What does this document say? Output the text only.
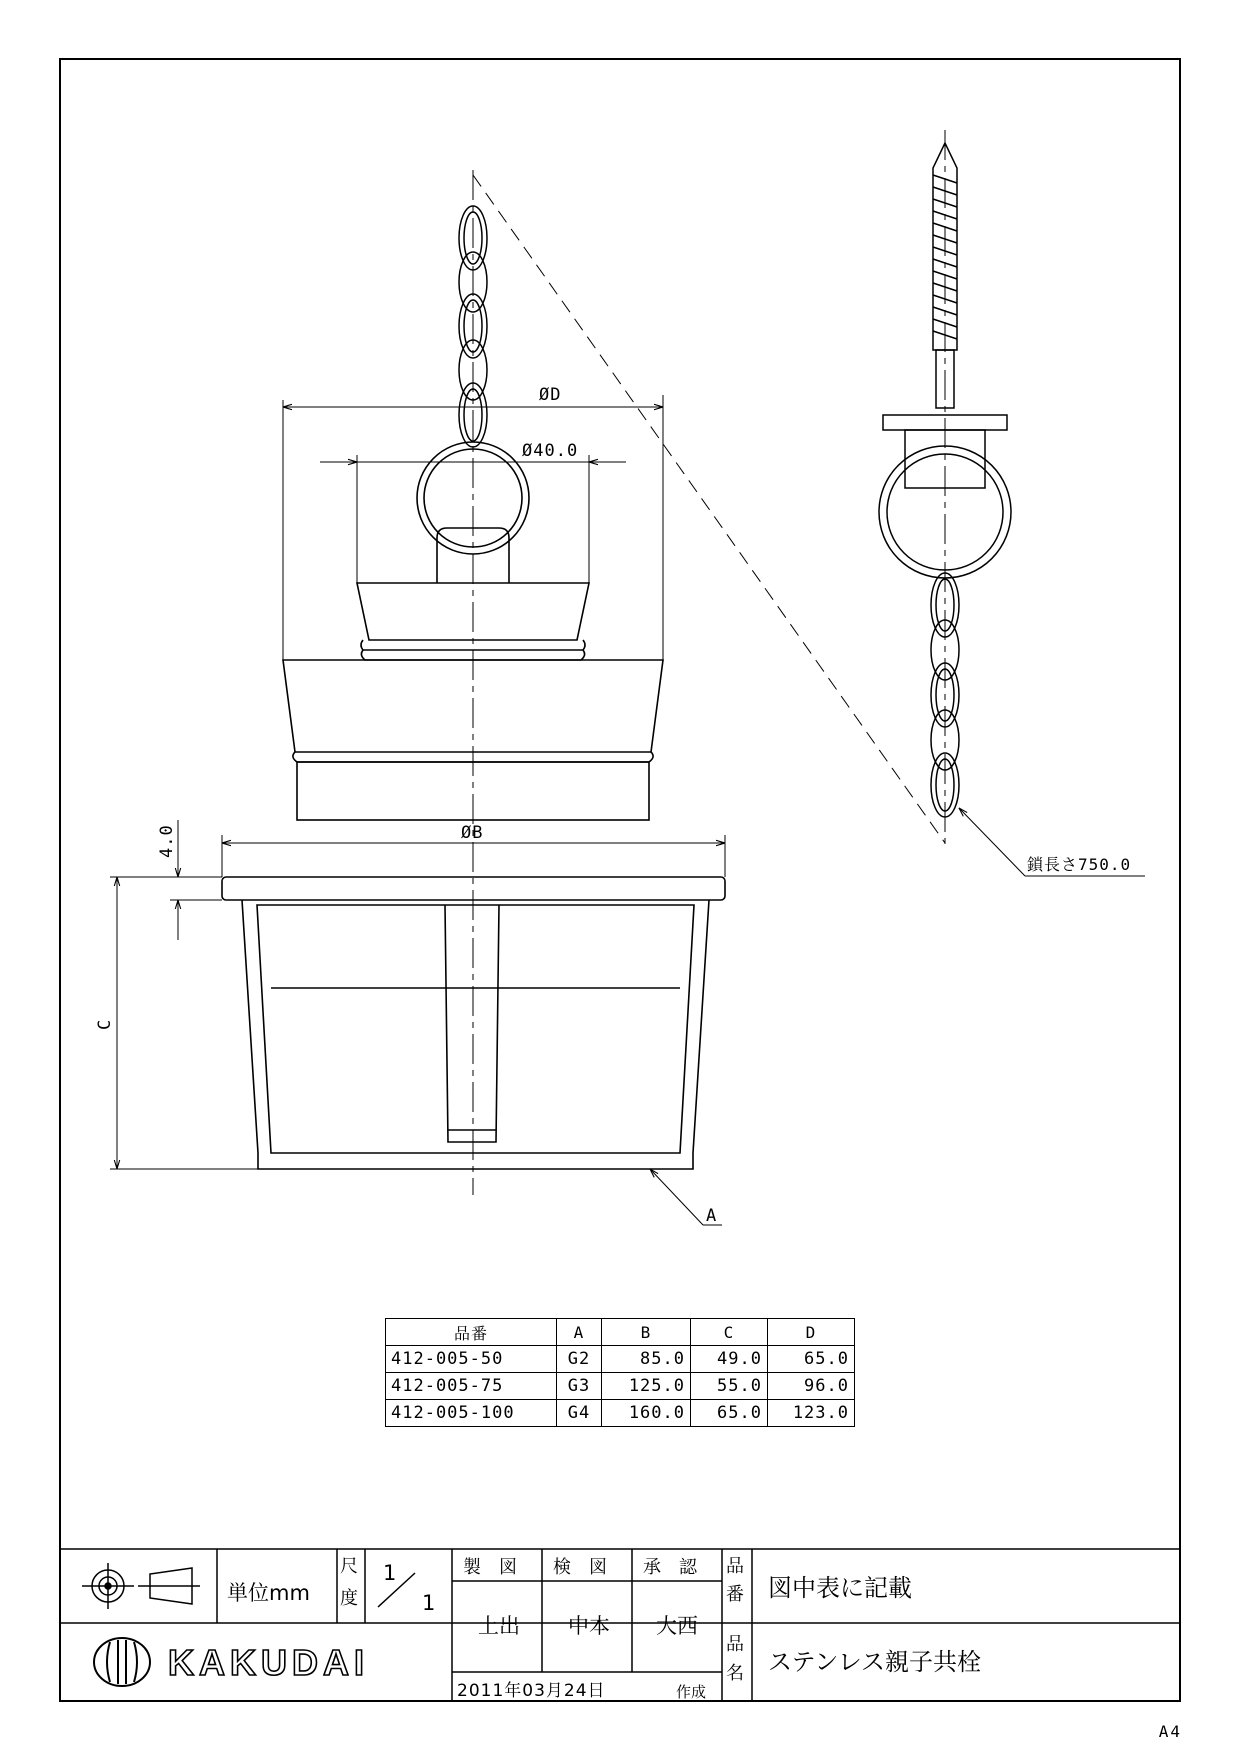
ØD
Ø40.0
ØB
C
4.0
A
鎖長さ750.0
KAKUDAI
単位mm
1
1
上出 中本 大西
図中表に記載
ステンレス親子共栓
製　図 検　図 承　認
尺
度
品
番
品
名
2011年03月24日	作成
品番	A	B	C	D
412-005-50	G2	85.0	49.0	65.0
412-005-75	G3	125.0	55.0	96.0
412-005-100	G4	160.0	65.0	123.0
A4
